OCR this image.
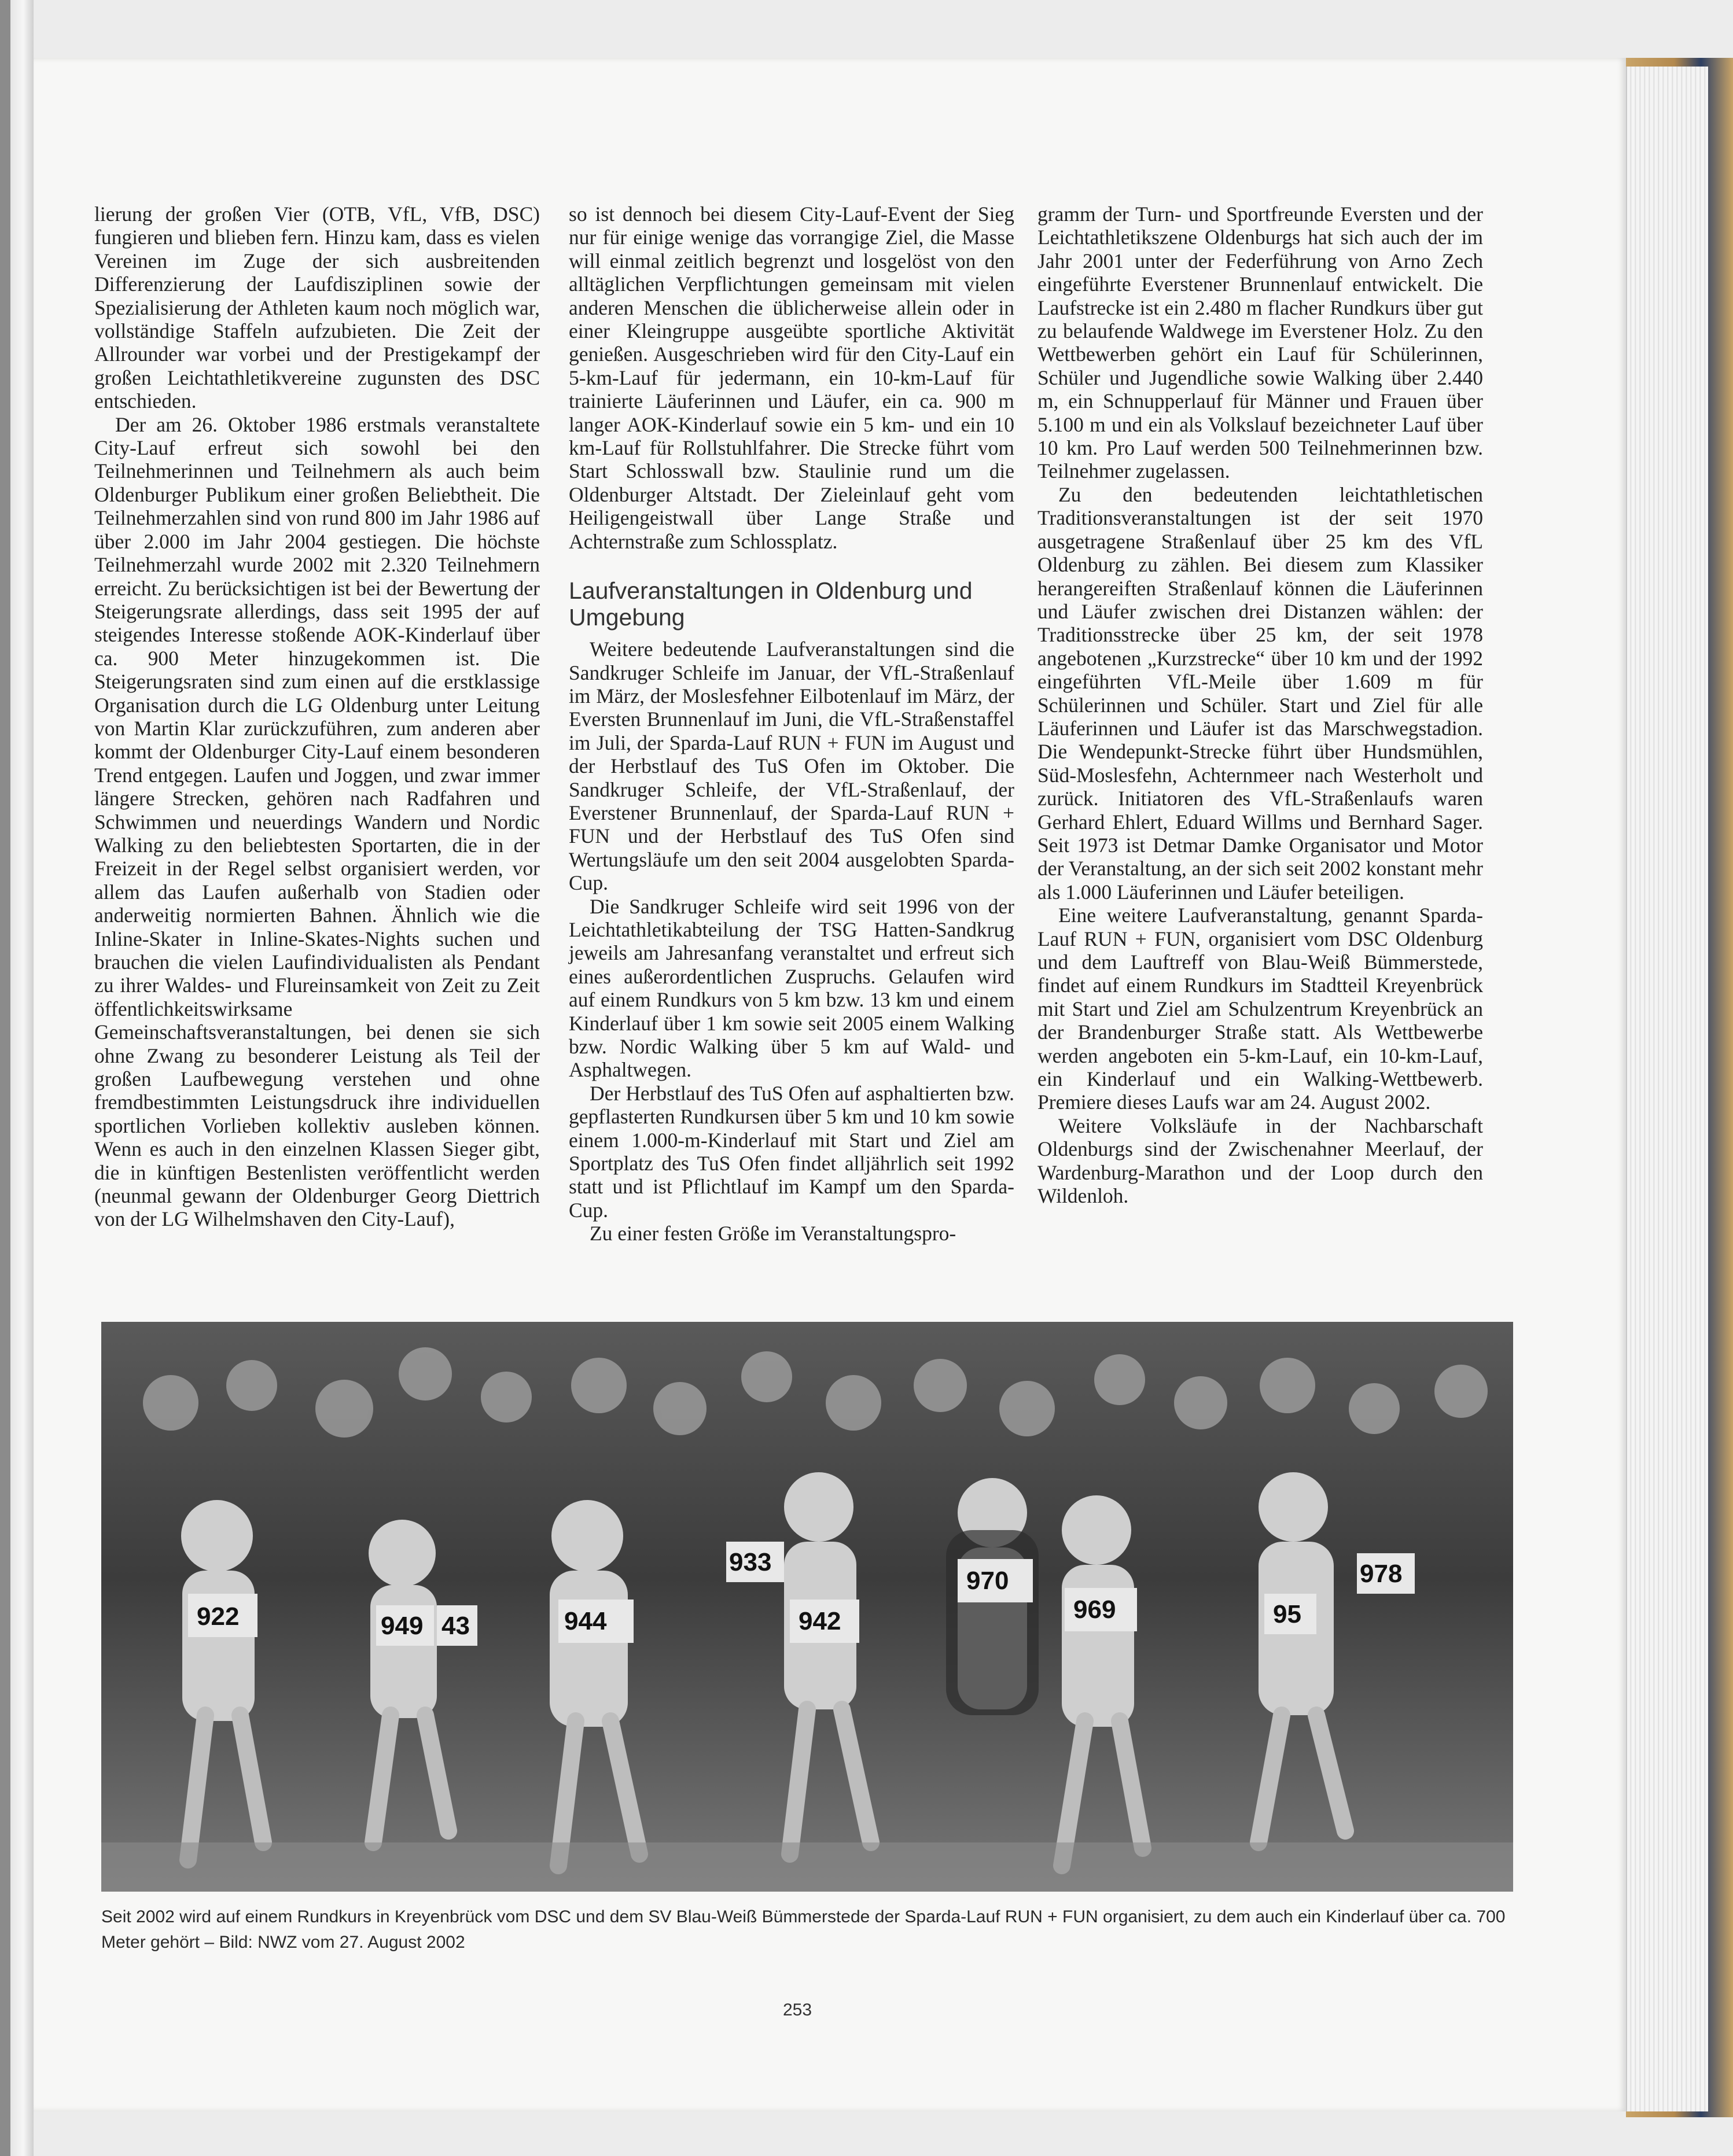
lierung der großen Vier (OTB, VfL, VfB, DSC) fungieren und blieben fern. Hinzu kam, dass es vielen Vereinen im Zuge der sich ausbreitenden Differenzierung der Laufdisziplinen sowie der Spezialisierung der Athleten kaum noch möglich war, vollständige Staffeln aufzubieten. Die Zeit der Allrounder war vorbei und der Prestigekampf der großen Leichtathletikvereine zugunsten des DSC entschieden.

Der am 26. Oktober 1986 erstmals veranstaltete City-Lauf erfreut sich sowohl bei den Teilnehmerinnen und Teilnehmern als auch beim Oldenburger Publikum einer großen Beliebtheit. Die Teilnehmerzahlen sind von rund 800 im Jahr 1986 auf über 2.000 im Jahr 2004 gestiegen. Die höchste Teilnehmerzahl wurde 2002 mit 2.320 Teilnehmern erreicht. Zu berücksichtigen ist bei der Bewertung der Steigerungsrate allerdings, dass seit 1995 der auf steigendes Interesse stoßende AOK-Kinderlauf über ca. 900 Meter hinzugekommen ist. Die Steigerungsraten sind zum einen auf die erstklassige Organisation durch die LG Oldenburg unter Leitung von Martin Klar zurückzuführen, zum anderen aber kommt der Oldenburger City-Lauf einem besonderen Trend entgegen. Laufen und Joggen, und zwar immer längere Strecken, gehören nach Radfahren und Schwimmen und neuerdings Wandern und Nordic Walking zu den beliebtesten Sportarten, die in der Freizeit in der Regel selbst organisiert werden, vor allem das Laufen außerhalb von Stadien oder anderweitig normierten Bahnen. Ähnlich wie die Inline-Skater in Inline-Skates-Nights suchen und brauchen die vielen Laufindividualisten als Pendant zu ihrer Waldes- und Flureinsamkeit von Zeit zu Zeit öffentlichkeitswirksame Gemeinschaftsveranstaltungen, bei denen sie sich ohne Zwang zu besonderer Leistung als Teil der großen Laufbewegung verstehen und ohne fremdbestimmten Leistungsdruck ihre individuellen sportlichen Vorlieben kollektiv ausleben können. Wenn es auch in den einzelnen Klassen Sieger gibt, die in künftigen Bestenlisten veröffentlicht werden (neunmal gewann der Oldenburger Georg Diettrich von der LG Wilhelmshaven den City-Lauf),

so ist dennoch bei diesem City-Lauf-Event der Sieg nur für einige wenige das vorrangige Ziel, die Masse will einmal zeitlich begrenzt und losgelöst von den alltäglichen Verpflichtungen gemeinsam mit vielen anderen Menschen die üblicherweise allein oder in einer Kleingruppe ausgeübte sportliche Aktivität genießen. Ausgeschrieben wird für den City-Lauf ein 5-km-Lauf für jedermann, ein 10-km-Lauf für trainierte Läuferinnen und Läufer, ein ca. 900 m langer AOK-Kinderlauf sowie ein 5 km- und ein 10 km-Lauf für Rollstuhlfahrer. Die Strecke führt vom Start Schlosswall bzw. Staulinie rund um die Oldenburger Altstadt. Der Zieleinlauf geht vom Heiligengeistwall über Lange Straße und Achternstraße zum Schlossplatz.

Laufveranstaltungen in Oldenburg und Umgebung

Weitere bedeutende Laufveranstaltungen sind die Sandkruger Schleife im Januar, der VfL-Straßenlauf im März, der Moslesfehner Eilbotenlauf im März, der Eversten Brunnenlauf im Juni, die VfL-Straßenstaffel im Juli, der Sparda-Lauf RUN + FUN im August und der Herbstlauf des TuS Ofen im Oktober. Die Sandkruger Schleife, der VfL-Straßenlauf, der Everstener Brunnenlauf, der Sparda-Lauf RUN + FUN und der Herbstlauf des TuS Ofen sind Wertungsläufe um den seit 2004 ausgelobten Sparda-Cup.

Die Sandkruger Schleife wird seit 1996 von der Leichtathletikabteilung der TSG Hatten-Sandkrug jeweils am Jahresanfang veranstaltet und erfreut sich eines außerordentlichen Zuspruchs. Gelaufen wird auf einem Rundkurs von 5 km bzw. 13 km und einem Kinderlauf über 1 km sowie seit 2005 einem Walking bzw. Nordic Walking über 5 km auf Wald- und Asphaltwegen.

Der Herbstlauf des TuS Ofen auf asphaltierten bzw. gepflasterten Rundkursen über 5 km und 10 km sowie einem 1.000-m-Kinderlauf mit Start und Ziel am Sportplatz des TuS Ofen findet alljährlich seit 1992 statt und ist Pflichtlauf im Kampf um den Sparda-Cup.

Zu einer festen Größe im Veranstaltungspro-

gramm der Turn- und Sportfreunde Eversten und der Leichtathletikszene Oldenburgs hat sich auch der im Jahr 2001 unter der Federführung von Arno Zech eingeführte Everstener Brunnenlauf entwickelt. Die Laufstrecke ist ein 2.480 m flacher Rundkurs über gut zu belaufende Waldwege im Everstener Holz. Zu den Wettbewerben gehört ein Lauf für Schülerinnen, Schüler und Jugendliche sowie Walking über 2.440 m, ein Schnupperlauf für Männer und Frauen über 5.100 m und ein als Volkslauf bezeichneter Lauf über 10 km. Pro Lauf werden 500 Teilnehmerinnen bzw. Teilnehmer zugelassen.

Zu den bedeutenden leichtathletischen Traditionsveranstaltungen ist der seit 1970 ausgetragene Straßenlauf über 25 km des VfL Oldenburg zu zählen. Bei diesem zum Klassiker herangereiften Straßenlauf können die Läuferinnen und Läufer zwischen drei Distanzen wählen: der Traditionsstrecke über 25 km, der seit 1978 angebotenen „Kurzstrecke“ über 10 km und der 1992 eingeführten VfL-Meile über 1.609 m für Schülerinnen und Schüler. Start und Ziel für alle Läuferinnen und Läufer ist das Marschwegstadion. Die Wendepunkt-Strecke führt über Hundsmühlen, Süd-Moslesfehn, Achternmeer nach Westerholt und zurück. Initiatoren des VfL-Straßenlaufs waren Gerhard Ehlert, Eduard Willms und Bernhard Sager. Seit 1973 ist Detmar Damke Organisator und Motor der Veranstaltung, an der sich seit 2002 konstant mehr als 1.000 Läuferinnen und Läufer beteiligen.

Eine weitere Laufveranstaltung, genannt Sparda-Lauf RUN + FUN, organisiert vom DSC Oldenburg und dem Lauftreff von Blau-Weiß Bümmerstede, findet auf einem Rundkurs im Stadtteil Kreyenbrück mit Start und Ziel am Schulzentrum Kreyenbrück an der Brandenburger Straße statt. Als Wettbewerbe werden angeboten ein 5-km-Lauf, ein 10-km-Lauf, ein Kinderlauf und ein Walking-Wettbewerb. Premiere dieses Laufs war am 24. August 2002.

Weitere Volksläufe in der Nachbarschaft Oldenburgs sind der Zwischenahner Meerlauf, der Wardenburg-Marathon und der Loop durch den Wildenloh.

922	949 43	944
933
942
970
969
978
95
Seit 2002 wird auf einem Rundkurs in Kreyenbrück vom DSC und dem SV Blau-Weiß Bümmerstede der Sparda-Lauf RUN + FUN organisiert, zu dem auch ein Kinderlauf über ca. 700 Meter gehört – Bild: NWZ vom 27. August 2002
253
